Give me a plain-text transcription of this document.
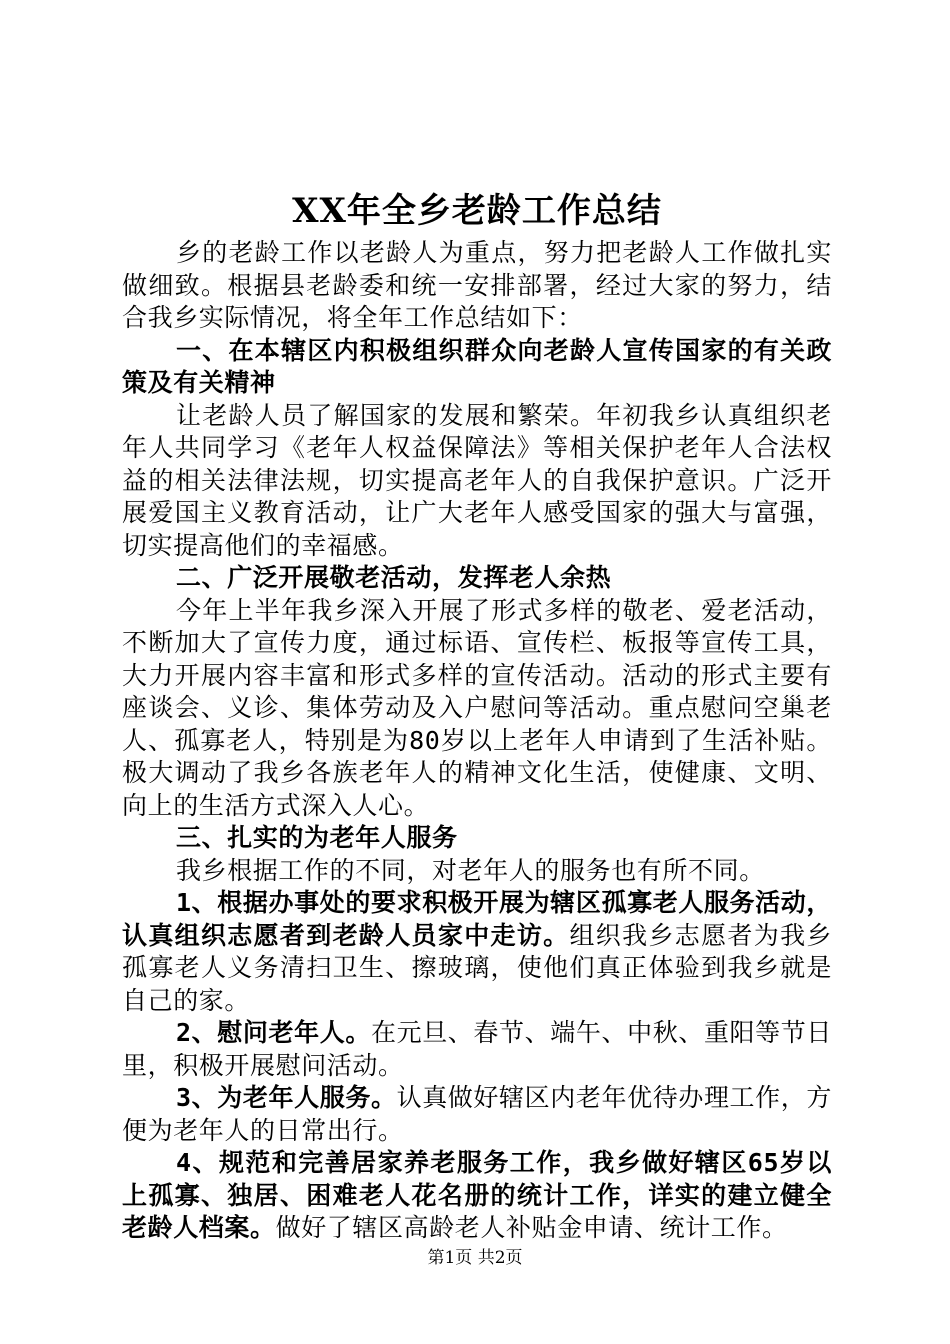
XX年全乡老龄工作总结

乡的老龄工作以老龄人为重点，努力把老龄人工作做扎实做细致。根据县老龄委和统一安排部署，经过大家的努力，结合我乡实际情况，将全年工作总结如下：

一、在本辖区内积极组织群众向老龄人宣传国家的有关政策及有关精神

让老龄人员了解国家的发展和繁荣。年初我乡认真组织老年人共同学习《老年人权益保障法》等相关保护老年人合法权益的相关法律法规，切实提高老年人的自我保护意识。广泛开展爱国主义教育活动，让广大老年人感受国家的强大与富强，切实提高他们的幸福感。

二、广泛开展敬老活动，发挥老人余热

今年上半年我乡深入开展了形式多样的敬老、爱老活动，不断加大了宣传力度，通过标语、宣传栏、板报等宣传工具，大力开展内容丰富和形式多样的宣传活动。活动的形式主要有座谈会、义诊、集体劳动及入户慰问等活动。重点慰问空巢老人、孤寡老人，特别是为80岁以上老年人申请到了生活补贴。极大调动了我乡各族老年人的精神文化生活，使健康、文明、向上的生活方式深入人心。

三、扎实的为老年人服务

我乡根据工作的不同，对老年人的服务也有所不同。

1、根据办事处的要求积极开展为辖区孤寡老人服务活动，认真组织志愿者到老龄人员家中走访。组织我乡志愿者为我乡孤寡老人义务清扫卫生、擦玻璃，使他们真正体验到我乡就是自己的家。

2、慰问老年人。在元旦、春节、端午、中秋、重阳等节日里，积极开展慰问活动。

3、为老年人服务。认真做好辖区内老年优待办理工作，方便为老年人的日常出行。

4、规范和完善居家养老服务工作，我乡做好辖区65岁以上孤寡、独居、困难老人花名册的统计工作，详实的建立健全老龄人档案。做好了辖区高龄老人补贴金申请、统计工作。

第1页 共2页
